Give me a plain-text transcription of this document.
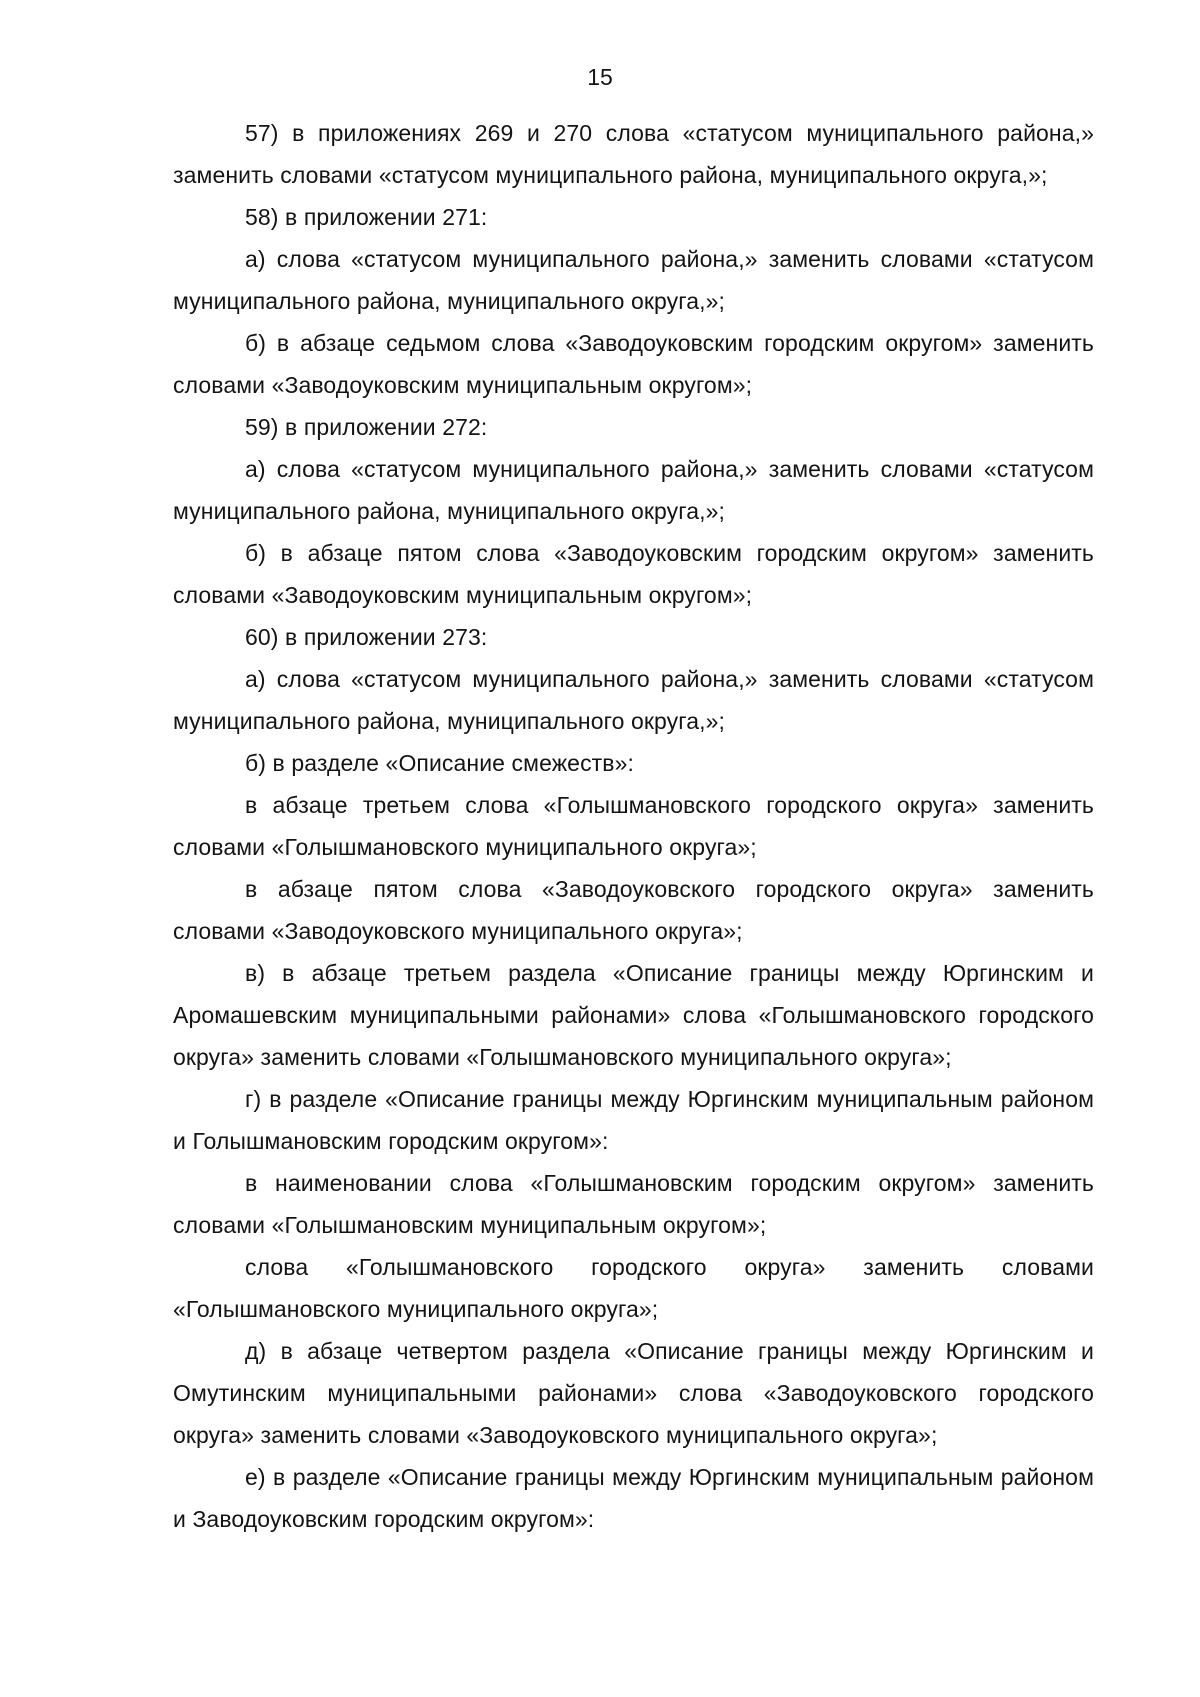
15

57) в приложениях 269 и 270 слова «статусом муниципального района,» заменить словами «статусом муниципального района, муниципального округа,»;

58) в приложении 271:

а) слова «статусом муниципального района,» заменить словами «статусом муниципального района, муниципального округа,»;

б) в абзаце седьмом слова «Заводоуковским городским округом» заменить словами «Заводоуковским муниципальным округом»;

59) в приложении 272:

а) слова «статусом муниципального района,» заменить словами «статусом муниципального района, муниципального округа,»;

б) в абзаце пятом слова «Заводоуковским городским округом» заменить словами «Заводоуковским муниципальным округом»;

60) в приложении 273:

а) слова «статусом муниципального района,» заменить словами «статусом муниципального района, муниципального округа,»;

б) в разделе «Описание смежеств»:

в абзаце третьем слова «Голышмановского городского округа» заменить словами «Голышмановского муниципального округа»;

в абзаце пятом слова «Заводоуковского городского округа» заменить словами «Заводоуковского муниципального округа»;

в) в абзаце третьем раздела «Описание границы между Юргинским и Аромашевским муниципальными районами» слова «Голышмановского городского округа» заменить словами «Голышмановского муниципального округа»;

г) в разделе «Описание границы между Юргинским муниципальным районом и Голышмановским городским округом»:

в наименовании слова «Голышмановским городским округом» заменить словами «Голышмановским муниципальным округом»;

слова «Голышмановского городского округа» заменить словами «Голышмановского муниципального округа»;

д) в абзаце четвертом раздела «Описание границы между Юргинским и Омутинским муниципальными районами» слова «Заводоуковского городского округа» заменить словами «Заводоуковского муниципального округа»;

е) в разделе «Описание границы между Юргинским муниципальным районом и Заводоуковским городским округом»:
